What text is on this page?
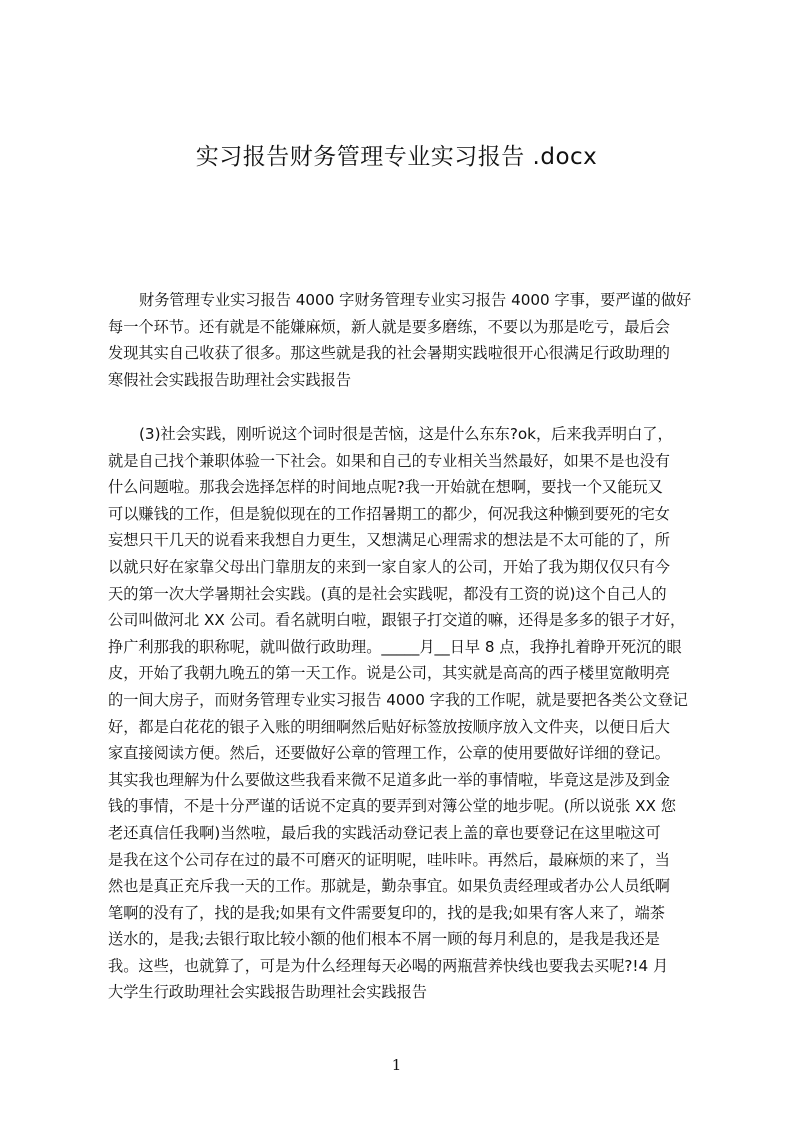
实习报告财务管理专业实习报告 .docx
财务管理专业实习报告 4000 字财务管理专业实习报告 4000 字事，要严谨的做好
每一个环节。还有就是不能嫌麻烦，新人就是要多磨练，不要以为那是吃亏，最后会
发现其实自己收获了很多。那这些就是我的社会暑期实践啦很开心很满足行政助理的
寒假社会实践报告助理社会实践报告
(3)社会实践，刚听说这个词时很是苦恼，这是什么东东?ok，后来我弄明白了，
就是自己找个兼职体验一下社会。如果和自己的专业相关当然最好，如果不是也没有
什么问题啦。那我会选择怎样的时间地点呢?我一开始就在想啊，要找一个又能玩又
可以赚钱的工作，但是貌似现在的工作招暑期工的都少，何况我这种懒到要死的宅女
妄想只干几天的说看来我想自力更生，又想满足心理需求的想法是不太可能的了，所
以就只好在家靠父母出门靠朋友的来到一家自家人的公司，开始了我为期仅仅只有今
天的第一次大学暑期社会实践。(真的是社会实践呢，都没有工资的说)这个自己人的
公司叫做河北 XX 公司。看名就明白啦，跟银子打交道的嘛，还得是多多的银子才好，
挣广利那我的职称呢，就叫做行政助理。_____月__日早 8 点，我挣扎着睁开死沉的眼
皮，开始了我朝九晚五的第一天工作。说是公司，其实就是高高的西子楼里宽敞明亮
的一间大房子，而财务管理专业实习报告 4000 字我的工作呢，就是要把各类公文登记
好，都是白花花的银子入账的明细啊然后贴好标签放按顺序放入文件夹，以便日后大
家直接阅读方便。然后，还要做好公章的管理工作，公章的使用要做好详细的登记。
其实我也理解为什么要做这些我看来微不足道多此一举的事情啦，毕竟这是涉及到金
钱的事情，不是十分严谨的话说不定真的要弄到对簿公堂的地步呢。(所以说张 XX 您
老还真信任我啊)当然啦，最后我的实践活动登记表上盖的章也要登记在这里啦这可
是我在这个公司存在过的最不可磨灭的证明呢，哇咔咔。再然后，最麻烦的来了，当
然也是真正充斥我一天的工作。那就是，勤杂事宜。如果负责经理或者办公人员纸啊
笔啊的没有了，找的是我;如果有文件需要复印的，找的是我;如果有客人来了，端茶
送水的，是我;去银行取比较小额的他们根本不屑一顾的每月利息的，是我是我还是
我。这些，也就算了，可是为什么经理每天必喝的两瓶营养快线也要我去买呢?!4 月
大学生行政助理社会实践报告助理社会实践报告
1
